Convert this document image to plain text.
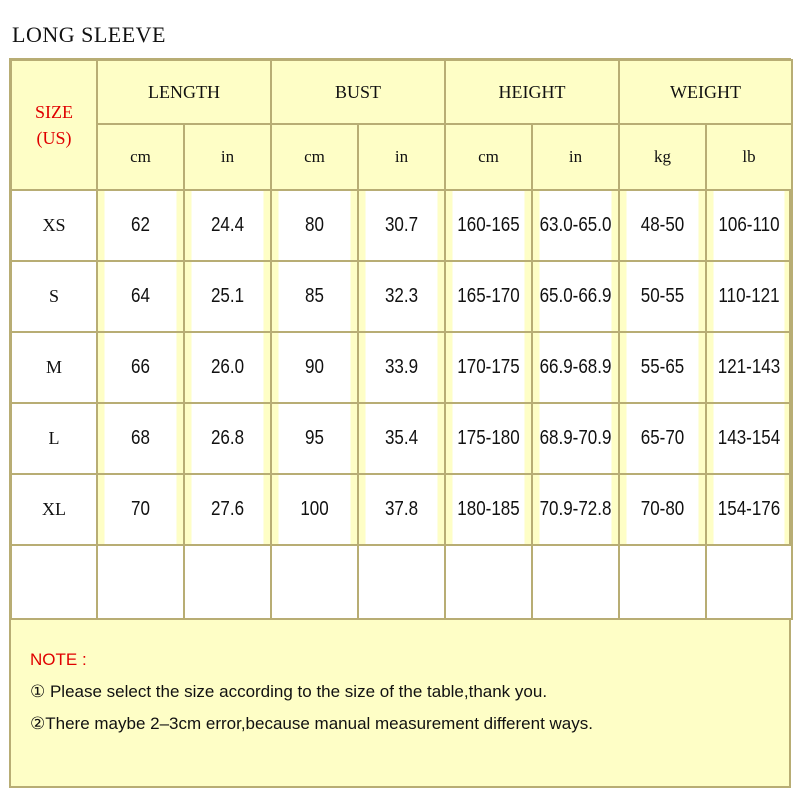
LONG SLEEVE
SIZE
(US)	LENGTH		BUST		HEIGHT		WEIGHT	
	cm	in	cm	in	cm	in	kg	lb
XS	62	24.4	80	30.7	160-165	63.0-65.0	48-50	106-110
S	64	25.1	85	32.3	165-170	65.0-66.9	50-55	110-121
M	66	26.0	90	33.9	170-175	66.9-68.9	55-65	121-143
L	68	26.8	95	35.4	175-180	68.9-70.9	65-70	143-154
XL	70	27.6	100	37.8	180-185	70.9-72.8	70-80	154-176

NOTE :
① Please select the size according to the size of the table,thank you.
②There maybe 2–3cm error,because manual measurement different ways.
